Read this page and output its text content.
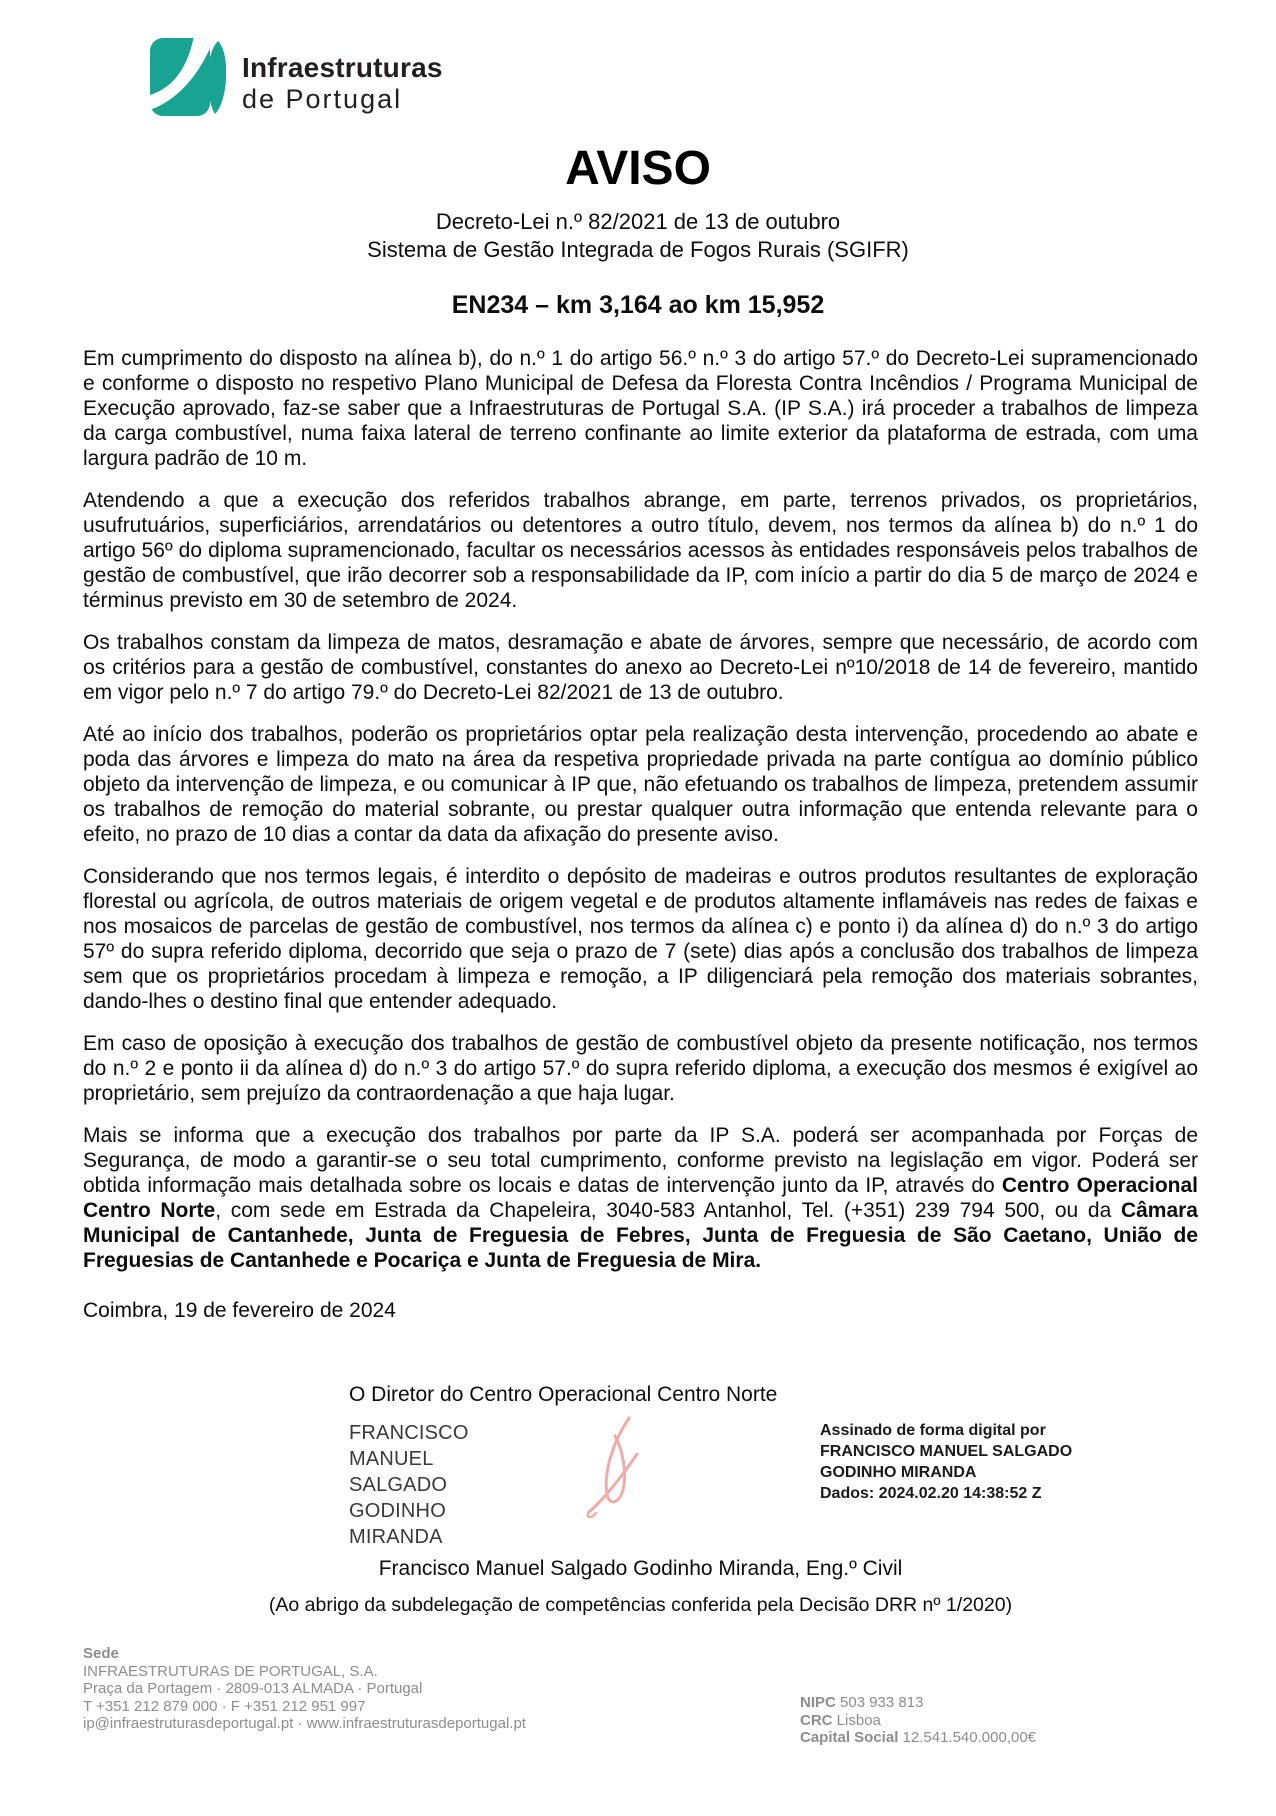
Infraestruturas
de Portugal
AVISO
Decreto-Lei n.º 82/2021 de 13 de outubro
Sistema de Gestão Integrada de Fogos Rurais (SGIFR)
EN234 – km 3,164 ao km 15,952

Em cumprimento do disposto na alínea b), do n.º 1 do artigo 56.º n.º 3 do artigo 57.º do Decreto-Lei supramencionado e conforme o disposto no respetivo Plano Municipal de Defesa da Floresta Contra Incêndios / Programa Municipal de Execução aprovado, faz-se saber que a Infraestruturas de Portugal S.A. (IP S.A.) irá proceder a trabalhos de limpeza da carga combustível, numa faixa lateral de terreno confinante ao limite exterior da plataforma de estrada, com uma largura padrão de 10 m.

Atendendo a que a execução dos referidos trabalhos abrange, em parte, terrenos privados, os proprietários, usufrutuários, superficiários, arrendatários ou detentores a outro título, devem, nos termos da alínea b) do n.º 1 do artigo 56º do diploma supramencionado, facultar os necessários acessos às entidades responsáveis pelos trabalhos de gestão de combustível, que irão decorrer sob a responsabilidade da IP, com início a partir do dia 5 de março de 2024 e términus previsto em 30 de setembro de 2024.

Os trabalhos constam da limpeza de matos, desramação e abate de árvores, sempre que necessário, de acordo com os critérios para a gestão de combustível, constantes do anexo ao Decreto-Lei nº10/2018 de 14 de fevereiro, mantido em vigor pelo n.º 7 do artigo 79.º do Decreto-Lei 82/2021 de 13 de outubro.

Até ao início dos trabalhos, poderão os proprietários optar pela realização desta intervenção, procedendo ao abate e poda das árvores e limpeza do mato na área da respetiva propriedade privada na parte contígua ao domínio público objeto da intervenção de limpeza, e ou comunicar à IP que, não efetuando os trabalhos de limpeza, pretendem assumir os trabalhos de remoção do material sobrante, ou prestar qualquer outra informação que entenda relevante para o efeito, no prazo de 10 dias a contar da data da afixação do presente aviso.

Considerando que nos termos legais, é interdito o depósito de madeiras e outros produtos resultantes de exploração florestal ou agrícola, de outros materiais de origem vegetal e de produtos altamente inflamáveis nas redes de faixas e nos mosaicos de parcelas de gestão de combustível, nos termos da alínea c) e ponto i) da alínea d) do n.º 3 do artigo 57º do supra referido diploma, decorrido que seja o prazo de 7 (sete) dias após a conclusão dos trabalhos de limpeza sem que os proprietários procedam à limpeza e remoção, a IP diligenciará pela remoção dos materiais sobrantes, dando-lhes o destino final que entender adequado.

Em caso de oposição à execução dos trabalhos de gestão de combustível objeto da presente notificação, nos termos do n.º 2 e ponto ii da alínea d) do n.º 3 do artigo 57.º do supra referido diploma, a execução dos mesmos é exigível ao proprietário, sem prejuízo da contraordenação a que haja lugar.

Mais se informa que a execução dos trabalhos por parte da IP S.A. poderá ser acompanhada por Forças de Segurança, de modo a garantir-se o seu total cumprimento, conforme previsto na legislação em vigor. Poderá ser obtida informação mais detalhada sobre os locais e datas de intervenção junto da IP, através do Centro Operacional Centro Norte, com sede em Estrada da Chapeleira, 3040-583 Antanhol, Tel. (+351) 239 794 500, ou da Câmara Municipal de Cantanhede, Junta de Freguesia de Febres, Junta de Freguesia de São Caetano, União de Freguesias de Cantanhede e Pocariça e Junta de Freguesia de Mira.

Coimbra, 19 de fevereiro de 2024
O Diretor do Centro Operacional Centro Norte
FRANCISCO MANUEL
SALGADO GODINHO
MIRANDA
Assinado de forma digital por
FRANCISCO MANUEL SALGADO
GODINHO MIRANDA
Dados: 2024.02.20 14:38:52 Z
Francisco Manuel Salgado Godinho Miranda, Eng.º Civil
(Ao abrigo da subdelegação de competências conferida pela Decisão DRR nº 1/2020)
Sede
INFRAESTRUTURAS DE PORTUGAL, S.A.
Praça da Portagem · 2809-013 ALMADA · Portugal
T +351 212 879 000 · F +351 212 951 997
ip@infraestruturasdeportugal.pt · www.infraestruturasdeportugal.pt
NIPC 503 933 813
CRC Lisboa
Capital Social 12.541.540.000,00€
